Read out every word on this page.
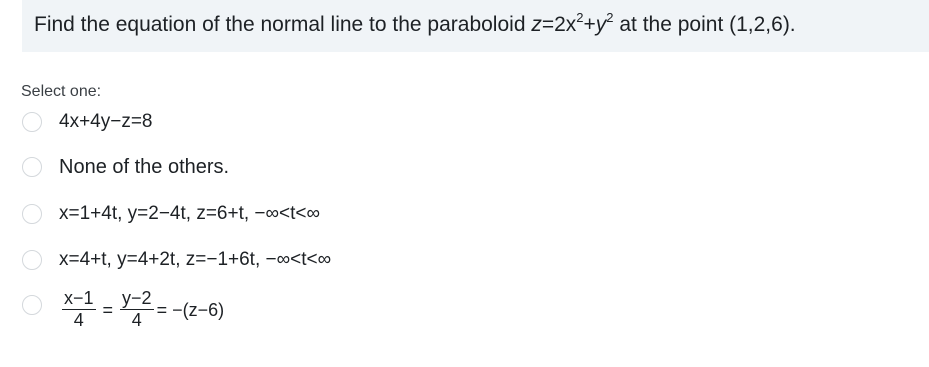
Find the equation of the normal line to the paraboloid $z=2x^2+y^2$ at the point (1,2,6).
Select one:
4x+4y−z=8
None of the others.
x=1+4t, y=2−4t, z=6+t, −∞<t<∞
x=4+t, y=4+2t, z=−1+6t, −∞<t<∞
$\frac{x-1}{4} = \frac{y-2}{4} = -(z-6)$
